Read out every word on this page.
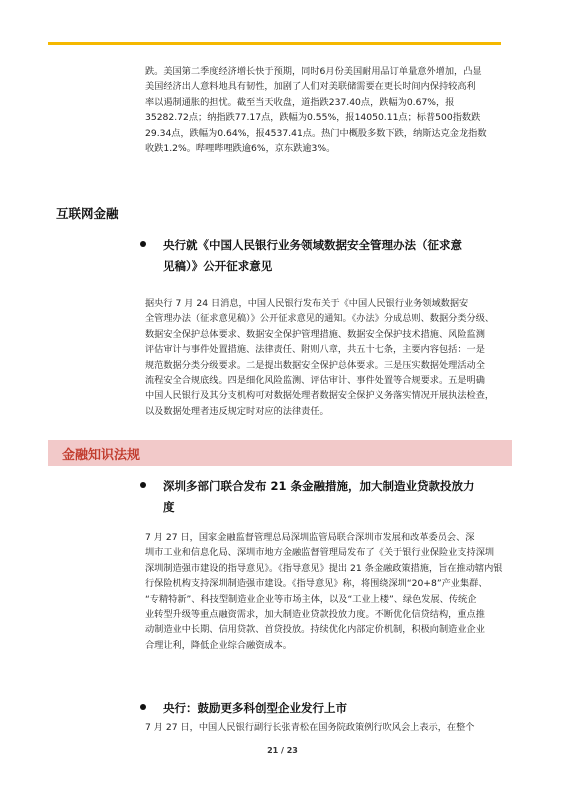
跌。美国第二季度经济增长快于预期，同时6月份美国耐用品订单量意外增加，凸显
美国经济出人意料地具有韧性，加剧了人们对美联储需要在更长时间内保持较高利
率以遏制通胀的担忧。截至当天收盘，道指跌237.40点，跌幅为0.67%，报
35282.72点；纳指跌77.17点，跌幅为0.55%，报14050.11点；标普500指数跌
29.34点，跌幅为0.64%，报4537.41点。热门中概股多数下跌，纳斯达克金龙指数
收跌1.2%。哔哩哔哩跌逾6%，京东跌逾3%。
互联网金融
央行就《中国人民银行业务领域数据安全管理办法（征求意
见稿）》公开征求意见
据央行 7 月 24 日消息，中国人民银行发布关于《中国人民银行业务领域数据安
全管理办法（征求意见稿）》公开征求意见的通知。《办法》分成总则、数据分类分级、
数据安全保护总体要求、数据安全保护管理措施、数据安全保护技术措施、风险监测
评估审计与事件处置措施、法律责任、附则八章，共五十七条，主要内容包括：一是
规范数据分类分级要求。二是提出数据安全保护总体要求。三是压实数据处理活动全
流程安全合规底线。四是细化风险监测、评估审计、事件处置等合规要求。五是明确
中国人民银行及其分支机构可对数据处理者数据安全保护义务落实情况开展执法检查，
以及数据处理者违反规定时对应的法律责任。
金融知识法规
深圳多部门联合发布 21 条金融措施，加大制造业贷款投放力
度
7 月 27 日，国家金融监督管理总局深圳监管局联合深圳市发展和改革委员会、深
圳市工业和信息化局、深圳市地方金融监督管理局发布了《关于银行业保险业支持深圳
深圳制造强市建设的指导意见》。《指导意见》提出 21 条金融政策措施，旨在推动辖内银
行保险机构支持深圳制造强市建设。《指导意见》称，将围绕深圳“20+8”产业集群、
“专精特新”、科技型制造业企业等市场主体，以及“工业上楼”、绿色发展、传统企
业转型升级等重点融资需求，加大制造业贷款投放力度。不断优化信贷结构，重点推
动制造业中长期、信用贷款、首贷投放。持续优化内部定价机制，积极向制造业企业
合理让利，降低企业综合融资成本。
央行：鼓励更多科创型企业发行上市
7 月 27 日，中国人民银行副行长张青松在国务院政策例行吹风会上表示，在整个
21 / 23
